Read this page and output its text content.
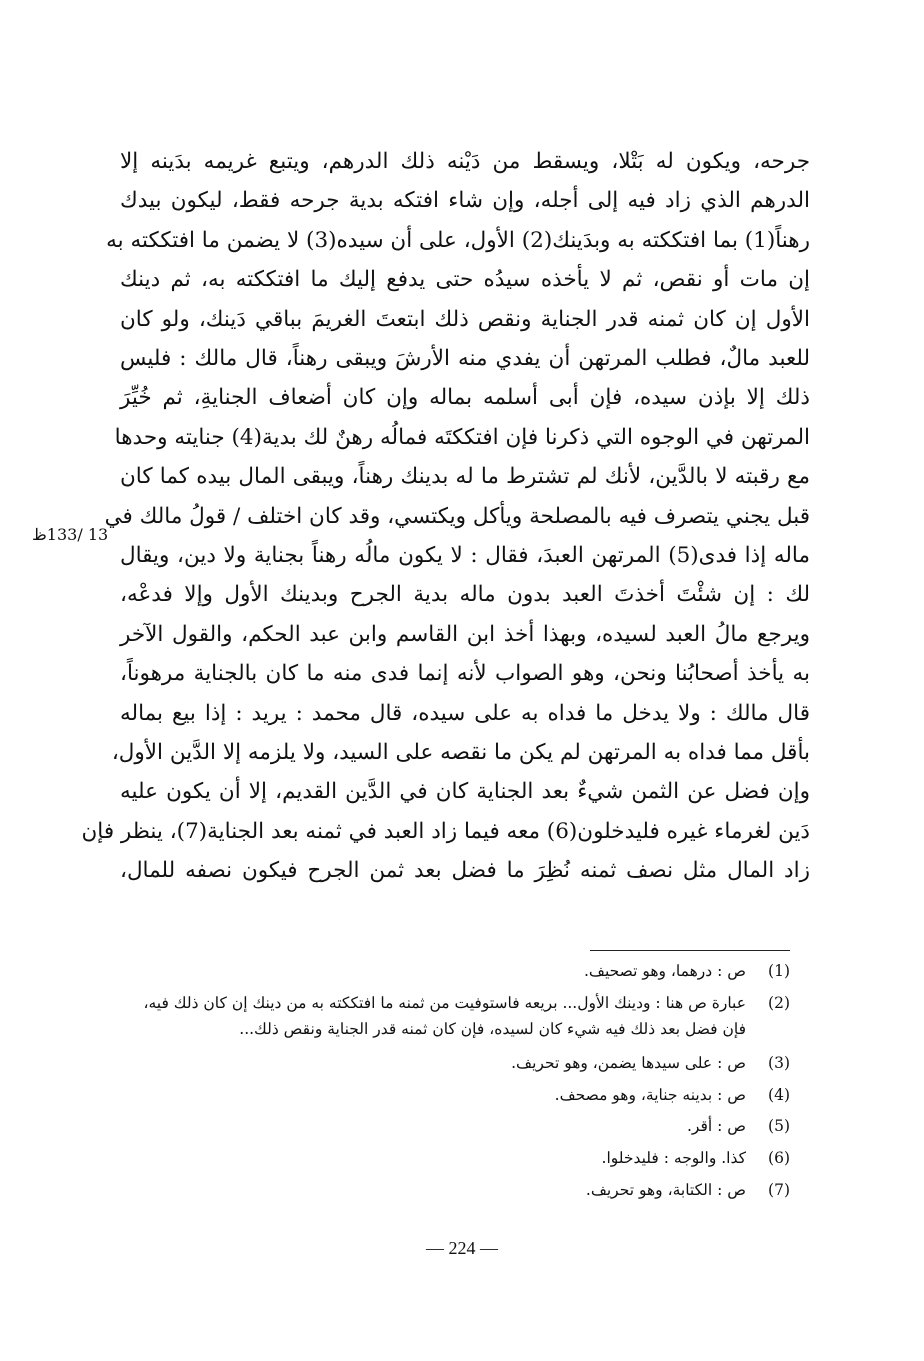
جرحه، ويكون له بَتْلا، ويسقط من دَيْنه ذلك الدرهم، ويتبع غريمه بدَينه إلا
الدرهم الذي زاد فيه إلى أجله، وإن شاء افتكه بدية جرحه فقط، ليكون بيدك
رهناً(1) بما افتككته به وبدَينك(2) الأول، على أن سيده(3) لا يضمن ما افتككته به
إن مات أو نقص، ثم لا يأخذه سيدُه حتى يدفع إليك ما افتككته به، ثم دينك
الأول إن كان ثمنه قدر الجناية ونقص ذلك ابتعتَ الغريمَ بباقي دَينك، ولو كان
للعبد مالٌ، فطلب المرتهن أن يفدي منه الأرشَ ويبقى رهناً، قال مالك : فليس
ذلك إلا بإذن سيده، فإن أبى أسلمه بماله وإن كان أضعاف الجنايةِ، ثم خُيِّرَ
المرتهن في الوجوه التي ذكرنا فإن افتككتَه فمالُه رهنٌ لك بدية(4) جنايته وحدها
مع رقبته لا بالدَّين، لأنك لم تشترط ما له بدينك رهناً، ويبقى المال بيده كما كان
قبل يجني يتصرف فيه بالمصلحة ويأكل ويكتسي، وقد كان اختلف / قولُ مالك في
ماله إذا فدى(5) المرتهن العبدَ، فقال : لا يكون مالُه رهناً بجناية ولا دين، ويقال
لك : إن شئْتَ أخذتَ العبد بدون ماله بدية الجرح وبدينك الأول وإلا فدعْه،
ويرجع مالُ العبد لسيده، وبهذا أخذ ابن القاسم وابن عبد الحكم، والقول الآخر
به يأخذ أصحابُنا ونحن، وهو الصواب لأنه إنما فدى منه ما كان بالجناية مرهوناً،
قال مالك : ولا يدخل ما فداه به على سيده، قال محمد : يريد : إذا بيع بماله
بأقل مما فداه به المرتهن لم يكن ما نقصه على السيد، ولا يلزمه إلا الدَّين الأول،
وإن فضل عن الثمن شيءٌ بعد الجناية كان في الدَّين القديم، إلا أن يكون عليه
دَين لغرماء غيره فليدخلون(6) معه فيما زاد العبد في ثمنه بعد الجناية(7)، ينظر فإن
زاد المال مثل نصف ثمنه نُظِرَ ما فضل بعد ثمن الجرح فيكون نصفه للمال،
13 /133ظ
(1)ص : درهما، وهو تصحيف.
(2)عبارة ص هنا : ودينك الأول... بريعه فاستوفيت من ثمنه ما افتككته به من دينك إن كان ذلك فيه،
فإن فضل بعد ذلك فيه شيء كان لسيده، فإن كان ثمنه قدر الجناية ونقص ذلك...
(3)ص : على سيدها يضمن، وهو تحريف.
(4)ص : بدينه جناية، وهو مصحف.
(5)ص : أقر.
(6)كذا. والوجه : فليدخلوا.
(7)ص : الكتابة، وهو تحريف.
— 224 —
